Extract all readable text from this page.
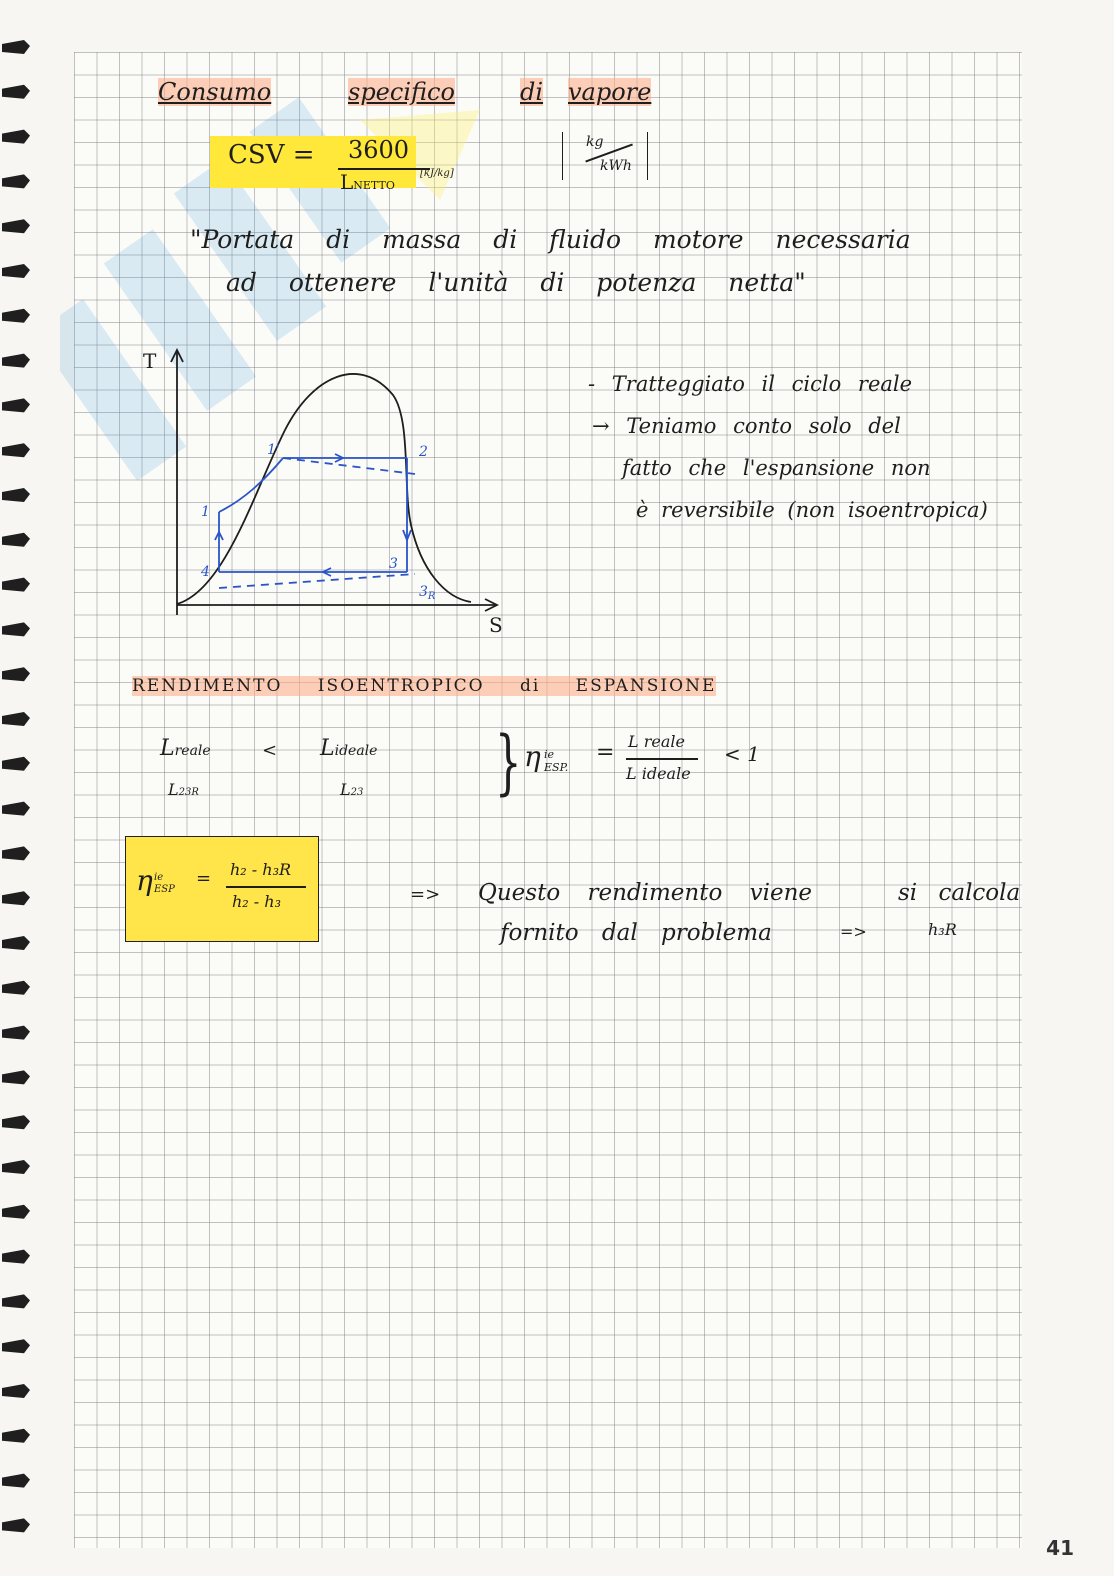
Consumo	specifico	di vapore
CSV = 3600
LNETTO
[kJ/kg]
kg
kWh
"Portata di massa di fluido motore necessaria
ad ottenere l'unità di potenza netta"
T
S
1
1'	2
3
$3_R$
4
- Tratteggiato il ciclo reale
→ Teniamo conto solo del
fatto che l'espansione non
è reversibile (non isoentropica)
RENDIMENTO ISOENTROPICO di ESPANSIONE
Lreale	< Lideale
L23R	L23 } η ie
ESP.
= L reale
L ideale
< 1
η ie
ESP
= h₂ - h₃R
h₂ - h₃	=> Questo rendimento viene
fornito dal problema
si calcola
=>	h₃R
41
